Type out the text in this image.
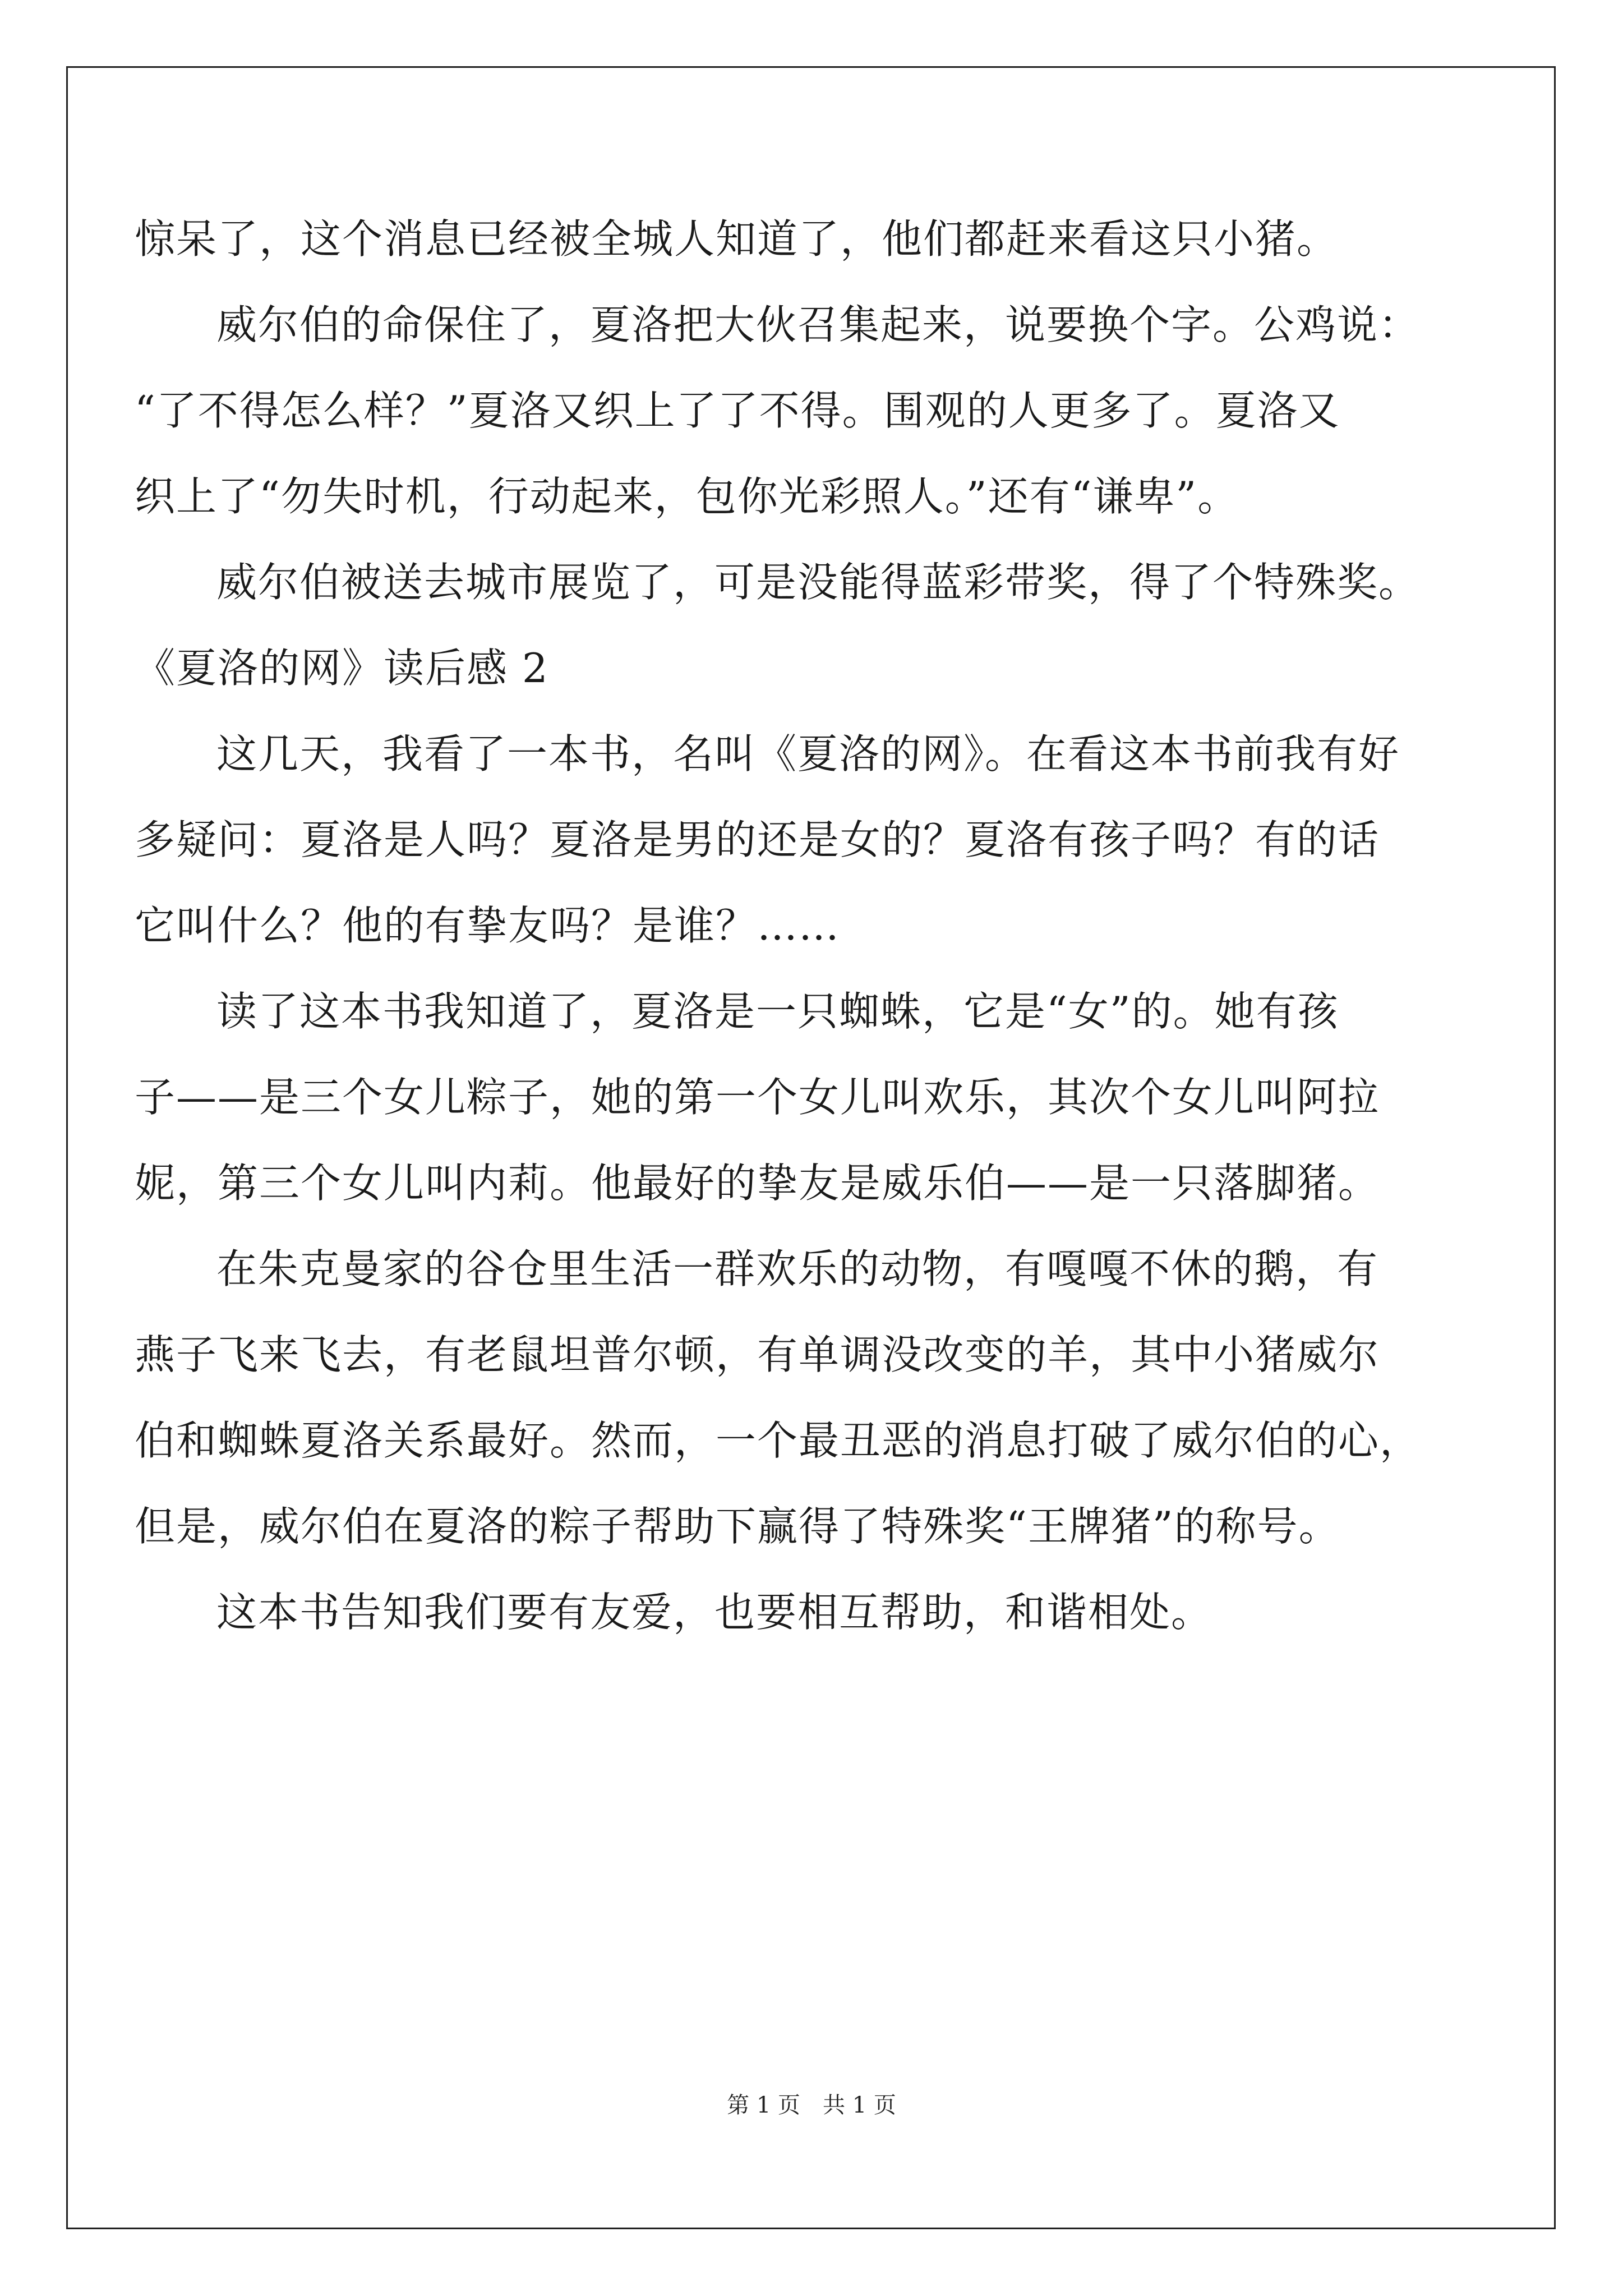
惊呆了，这个消息已经被全城人知道了，他们都赶来看这只小猪。
威尔伯的命保住了，夏洛把大伙召集起来，说要换个字。公鸡说：
“了不得怎么样？”夏洛又织上了了不得。围观的人更多了。夏洛又
织上了“勿失时机，行动起来，包你光彩照人。”还有“谦卑”。
威尔伯被送去城市展览了，可是没能得蓝彩带奖，得了个特殊奖。
《夏洛的网》读后感 2
这几天，我看了一本书，名叫《夏洛的网》。在看这本书前我有好
多疑问：夏洛是人吗？夏洛是男的还是女的？夏洛有孩子吗？有的话
它叫什么？他的有挚友吗？是谁？……
读了这本书我知道了，夏洛是一只蜘蛛，它是“女”的。她有孩
子——是三个女儿粽子，她的第一个女儿叫欢乐，其次个女儿叫阿拉
妮，第三个女儿叫内莉。他最好的挚友是威乐伯——是一只落脚猪。
在朱克曼家的谷仓里生活一群欢乐的动物，有嘎嘎不休的鹅，有
燕子飞来飞去，有老鼠坦普尔顿，有单调没改变的羊，其中小猪威尔
伯和蜘蛛夏洛关系最好。然而，一个最丑恶的消息打破了威尔伯的心，
但是，威尔伯在夏洛的粽子帮助下赢得了特殊奖“王牌猪”的称号。
这本书告知我们要有友爱，也要相互帮助，和谐相处。
第 1 页　共 1 页
